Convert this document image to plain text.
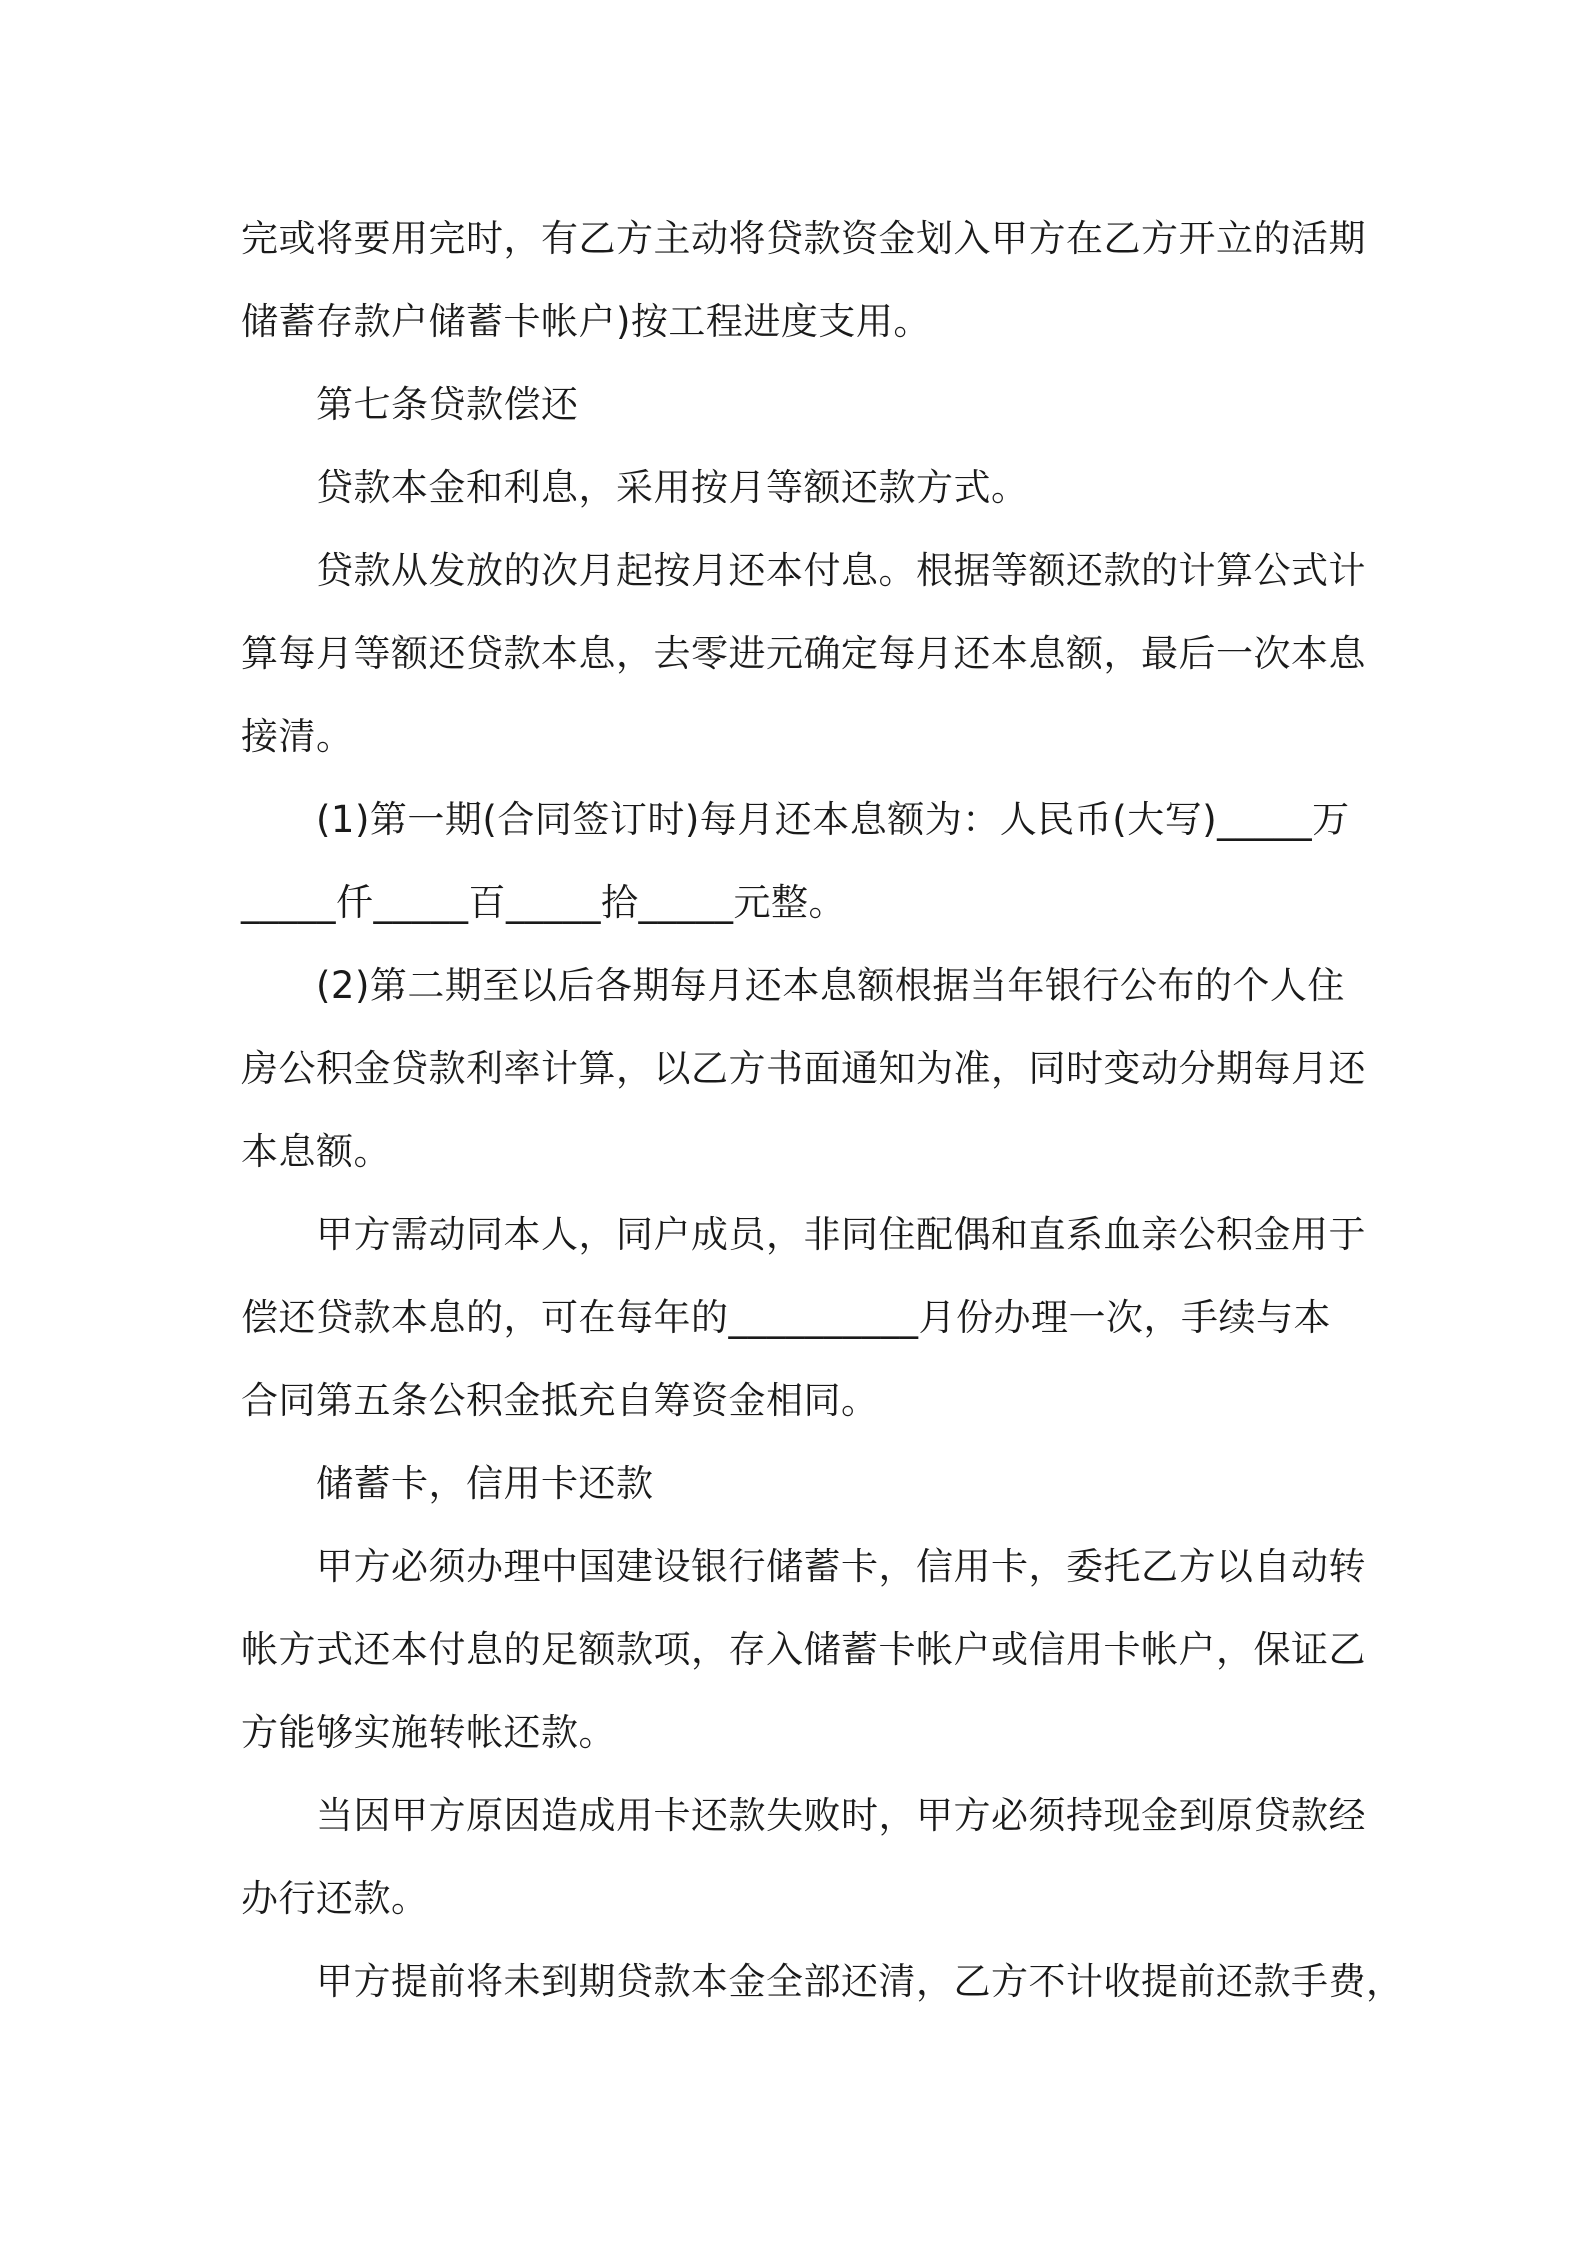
完或将要用完时，有乙方主动将贷款资金划入甲方在乙方开立的活期
储蓄存款户储蓄卡帐户)按工程进度支用。
第七条贷款偿还
贷款本金和利息，采用按月等额还款方式。
贷款从发放的次月起按月还本付息。根据等额还款的计算公式计
算每月等额还贷款本息，去零进元确定每月还本息额，最后一次本息
接清。
(1)第一期(合同签订时)每月还本息额为：人民币(大写)_____万
_____仟_____百_____拾_____元整。
(2)第二期至以后各期每月还本息额根据当年银行公布的个人住
房公积金贷款利率计算，以乙方书面通知为准，同时变动分期每月还
本息额。
甲方需动同本人，同户成员，非同住配偶和直系血亲公积金用于
偿还贷款本息的，可在每年的__________月份办理一次，手续与本
合同第五条公积金抵充自筹资金相同。
储蓄卡，信用卡还款
甲方必须办理中国建设银行储蓄卡，信用卡，委托乙方以自动转
帐方式还本付息的足额款项，存入储蓄卡帐户或信用卡帐户，保证乙
方能够实施转帐还款。
当因甲方原因造成用卡还款失败时，甲方必须持现金到原贷款经
办行还款。
甲方提前将未到期贷款本金全部还清，乙方不计收提前还款手费，
